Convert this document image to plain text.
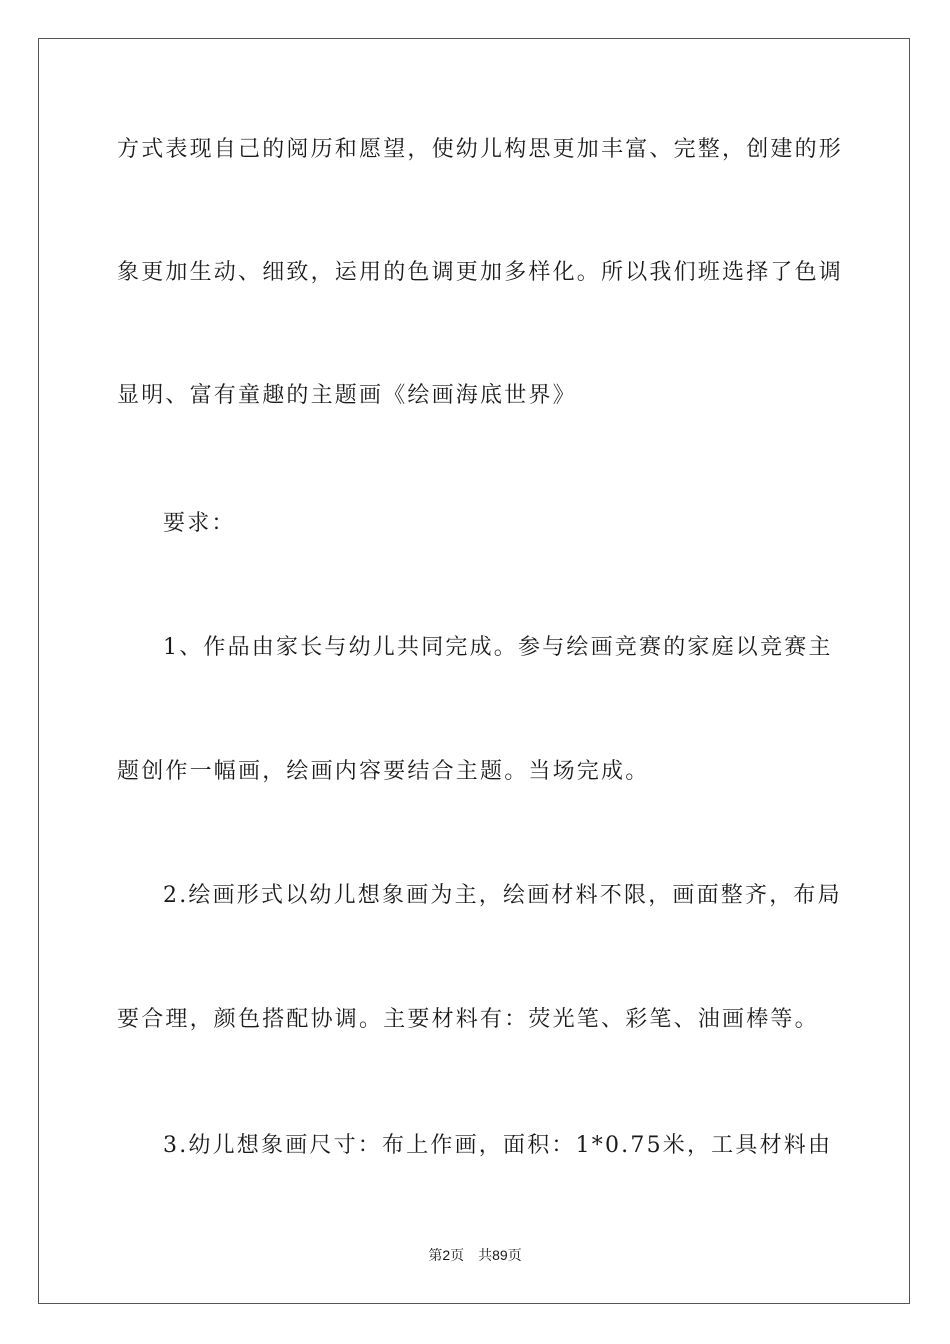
方式表现自己的阅历和愿望，使幼儿构思更加丰富、完整，创建的形
象更加生动、细致，运用的色调更加多样化。所以我们班选择了色调
显明、富有童趣的主题画《绘画海底世界》
要求：
1、作品由家长与幼儿共同完成。参与绘画竞赛的家庭以竞赛主
题创作一幅画，绘画内容要结合主题。当场完成。
2.绘画形式以幼儿想象画为主，绘画材料不限，画面整齐，布局
要合理，颜色搭配协调。主要材料有：荧光笔、彩笔、油画棒等。
3.幼儿想象画尺寸：布上作画，面积：1*0.75米，工具材料由
第2页 共89页
